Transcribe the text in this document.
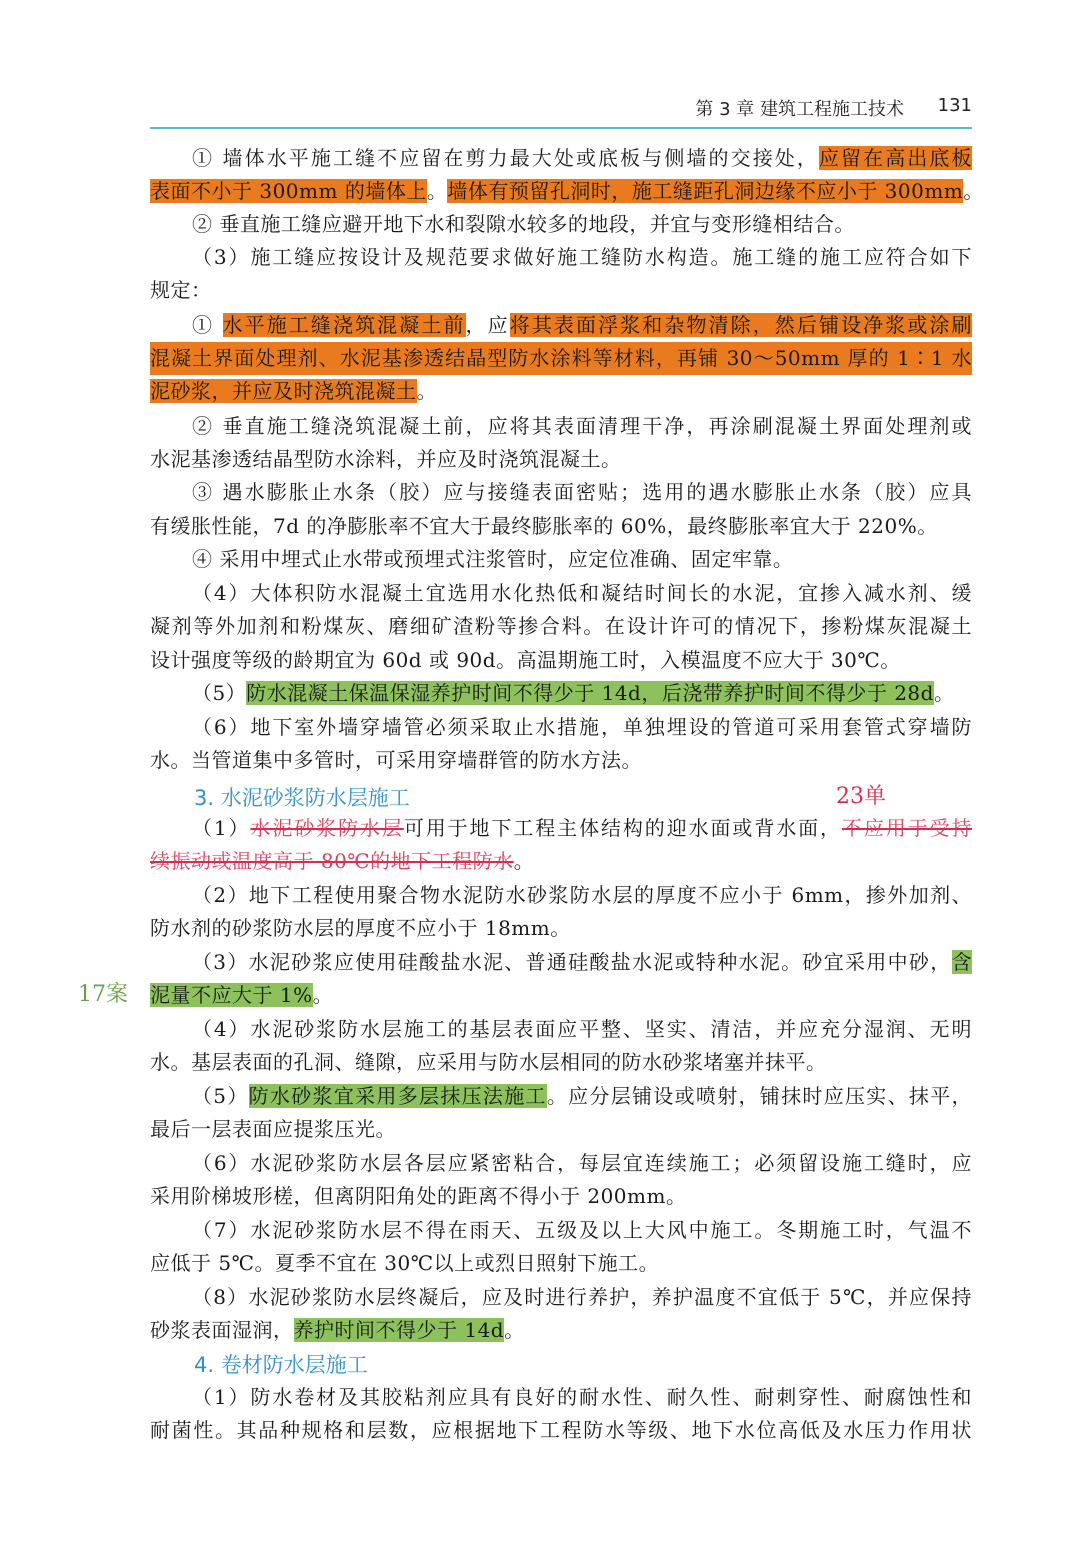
第 3 章 建筑工程施工技术 131
① 墙体水平施工缝不应留在剪力最大处或底板与侧墙的交接处，应留在高出底板
表面不小于 300mm 的墙体上。墙体有预留孔洞时，施工缝距孔洞边缘不应小于 300mm。
② 垂直施工缝应避开地下水和裂隙水较多的地段，并宜与变形缝相结合。
（3）施工缝应按设计及规范要求做好施工缝防水构造。施工缝的施工应符合如下
规定：
① 水平施工缝浇筑混凝土前，应将其表面浮浆和杂物清除，然后铺设净浆或涂刷
混凝土界面处理剂、水泥基渗透结晶型防水涂料等材料，再铺 30～50mm 厚的 1∶1 水
泥砂浆，并应及时浇筑混凝土。
② 垂直施工缝浇筑混凝土前，应将其表面清理干净，再涂刷混凝土界面处理剂或
水泥基渗透结晶型防水涂料，并应及时浇筑混凝土。
③ 遇水膨胀止水条（胶）应与接缝表面密贴；选用的遇水膨胀止水条（胶）应具
有缓胀性能，7d 的净膨胀率不宜大于最终膨胀率的 60%，最终膨胀率宜大于 220%。
④ 采用中埋式止水带或预埋式注浆管时，应定位准确、固定牢靠。
（4）大体积防水混凝土宜选用水化热低和凝结时间长的水泥，宜掺入减水剂、缓
凝剂等外加剂和粉煤灰、磨细矿渣粉等掺合料。在设计许可的情况下，掺粉煤灰混凝土
设计强度等级的龄期宜为 60d 或 90d。高温期施工时，入模温度不应大于 30℃。
（5）防水混凝土保温保湿养护时间不得少于 14d，后浇带养护时间不得少于 28d。
（6）地下室外墙穿墙管必须采取止水措施，单独埋设的管道可采用套管式穿墙防
水。当管道集中多管时，可采用穿墙群管的防水方法。
3. 水泥砂浆防水层施工	23单
（1）水泥砂浆防水层可用于地下工程主体结构的迎水面或背水面，不应用于受持
续振动或温度高于 80℃的地下工程防水。
（2）地下工程使用聚合物水泥防水砂浆防水层的厚度不应小于 6mm，掺外加剂、
防水剂的砂浆防水层的厚度不应小于 18mm。
（3）水泥砂浆应使用硅酸盐水泥、普通硅酸盐水泥或特种水泥。砂宜采用中砂，含
17案 泥量不应大于 1%。
（4）水泥砂浆防水层施工的基层表面应平整、坚实、清洁，并应充分湿润、无明
水。基层表面的孔洞、缝隙，应采用与防水层相同的防水砂浆堵塞并抹平。
（5）防水砂浆宜采用多层抹压法施工。应分层铺设或喷射，铺抹时应压实、抹平，
最后一层表面应提浆压光。
（6）水泥砂浆防水层各层应紧密粘合，每层宜连续施工；必须留设施工缝时，应
采用阶梯坡形槎，但离阴阳角处的距离不得小于 200mm。
（7）水泥砂浆防水层不得在雨天、五级及以上大风中施工。冬期施工时，气温不
应低于 5℃。夏季不宜在 30℃以上或烈日照射下施工。
（8）水泥砂浆防水层终凝后，应及时进行养护，养护温度不宜低于 5℃，并应保持
砂浆表面湿润，养护时间不得少于 14d。
4. 卷材防水层施工
（1）防水卷材及其胶粘剂应具有良好的耐水性、耐久性、耐刺穿性、耐腐蚀性和
耐菌性。其品种规格和层数，应根据地下工程防水等级、地下水位高低及水压力作用状
